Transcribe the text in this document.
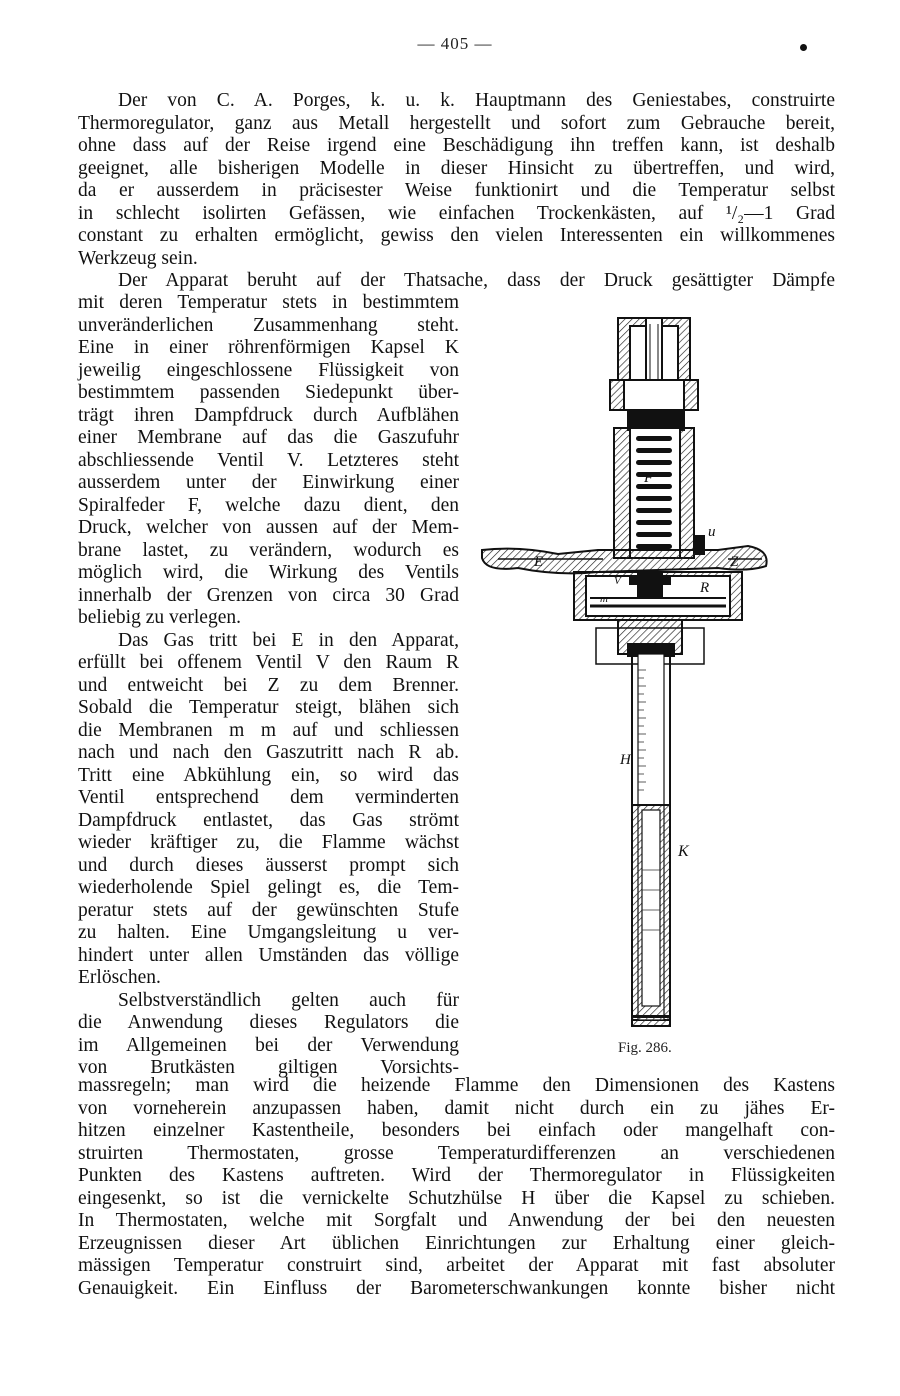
— 405 —
Der von C. A. Porges, k. u. k. Hauptmann des Geniestabes, construirte
Thermoregulator, ganz aus Metall hergestellt und sofort zum Gebrauche bereit,
ohne dass auf der Reise irgend eine Beschädigung ihn treffen kann, ist deshalb
geeignet, alle bisherigen Modelle in dieser Hinsicht zu übertreffen, und wird,
da er ausserdem in präcisester Weise funktionirt und die Temperatur selbst
in schlecht isolirten Gefässen, wie einfachen Trockenkästen, auf ¹/₂—1 Grad
constant zu erhalten ermöglicht, gewiss den vielen Interessenten ein willkommenes
Werkzeug sein.
Der Apparat beruht auf der Thatsache, dass der Druck gesättigter Dämpfe
mit deren Temperatur stets in bestimmtem
unveränderlichen Zusammenhang steht.
Eine in einer röhrenförmigen Kapsel K
jeweilig eingeschlossene Flüssigkeit von
bestimmtem passenden Siedepunkt über-
trägt ihren Dampfdruck durch Aufblähen
einer Membrane auf das die Gaszufuhr
abschliessende Ventil V. Letzteres steht
ausserdem unter der Einwirkung einer
Spiralfeder F, welche dazu dient, den
Druck, welcher von aussen auf der Mem-
brane lastet, zu verändern, wodurch es
möglich wird, die Wirkung des Ventils
innerhalb der Grenzen von circa 30 Grad
beliebig zu verlegen.
Das Gas tritt bei E in den Apparat,
erfüllt bei offenem Ventil V den Raum R
und entweicht bei Z zu dem Brenner.
Sobald die Temperatur steigt, blähen sich
die Membranen m m auf und schliessen
nach und nach den Gaszutritt nach R ab.
Tritt eine Abkühlung ein, so wird das
Ventil entsprechend dem verminderten
Dampfdruck entlastet, das Gas strömt
wieder kräftiger zu, die Flamme wächst
und durch dieses äusserst prompt sich
wiederholende Spiel gelingt es, die Tem-
peratur stets auf der gewünschten Stufe
zu halten. Eine Umgangsleitung u ver-
hindert unter allen Umständen das völlige
Erlöschen.
Selbstverständlich gelten auch für
die Anwendung dieses Regulators die
im Allgemeinen bei der Verwendung
von Brutkästen giltigen Vorsichts-
F
u
E	Z
V	R
m
H
K
Fig. 286.
massregeln; man wird die heizende Flamme den Dimensionen des Kastens
von vorneherein anzupassen haben, damit nicht durch ein zu jähes Er-
hitzen einzelner Kastentheile, besonders bei einfach oder mangelhaft con-
struirten Thermostaten, grosse Temperaturdifferenzen an verschiedenen
Punkten des Kastens auftreten. Wird der Thermoregulator in Flüssigkeiten
eingesenkt, so ist die vernickelte Schutzhülse H über die Kapsel zu schieben.
In Thermostaten, welche mit Sorgfalt und Anwendung der bei den neuesten
Erzeugnissen dieser Art üblichen Einrichtungen zur Erhaltung einer gleich-
mässigen Temperatur construirt sind, arbeitet der Apparat mit fast absoluter
Genauigkeit. Ein Einfluss der Barometerschwankungen konnte bisher nicht
